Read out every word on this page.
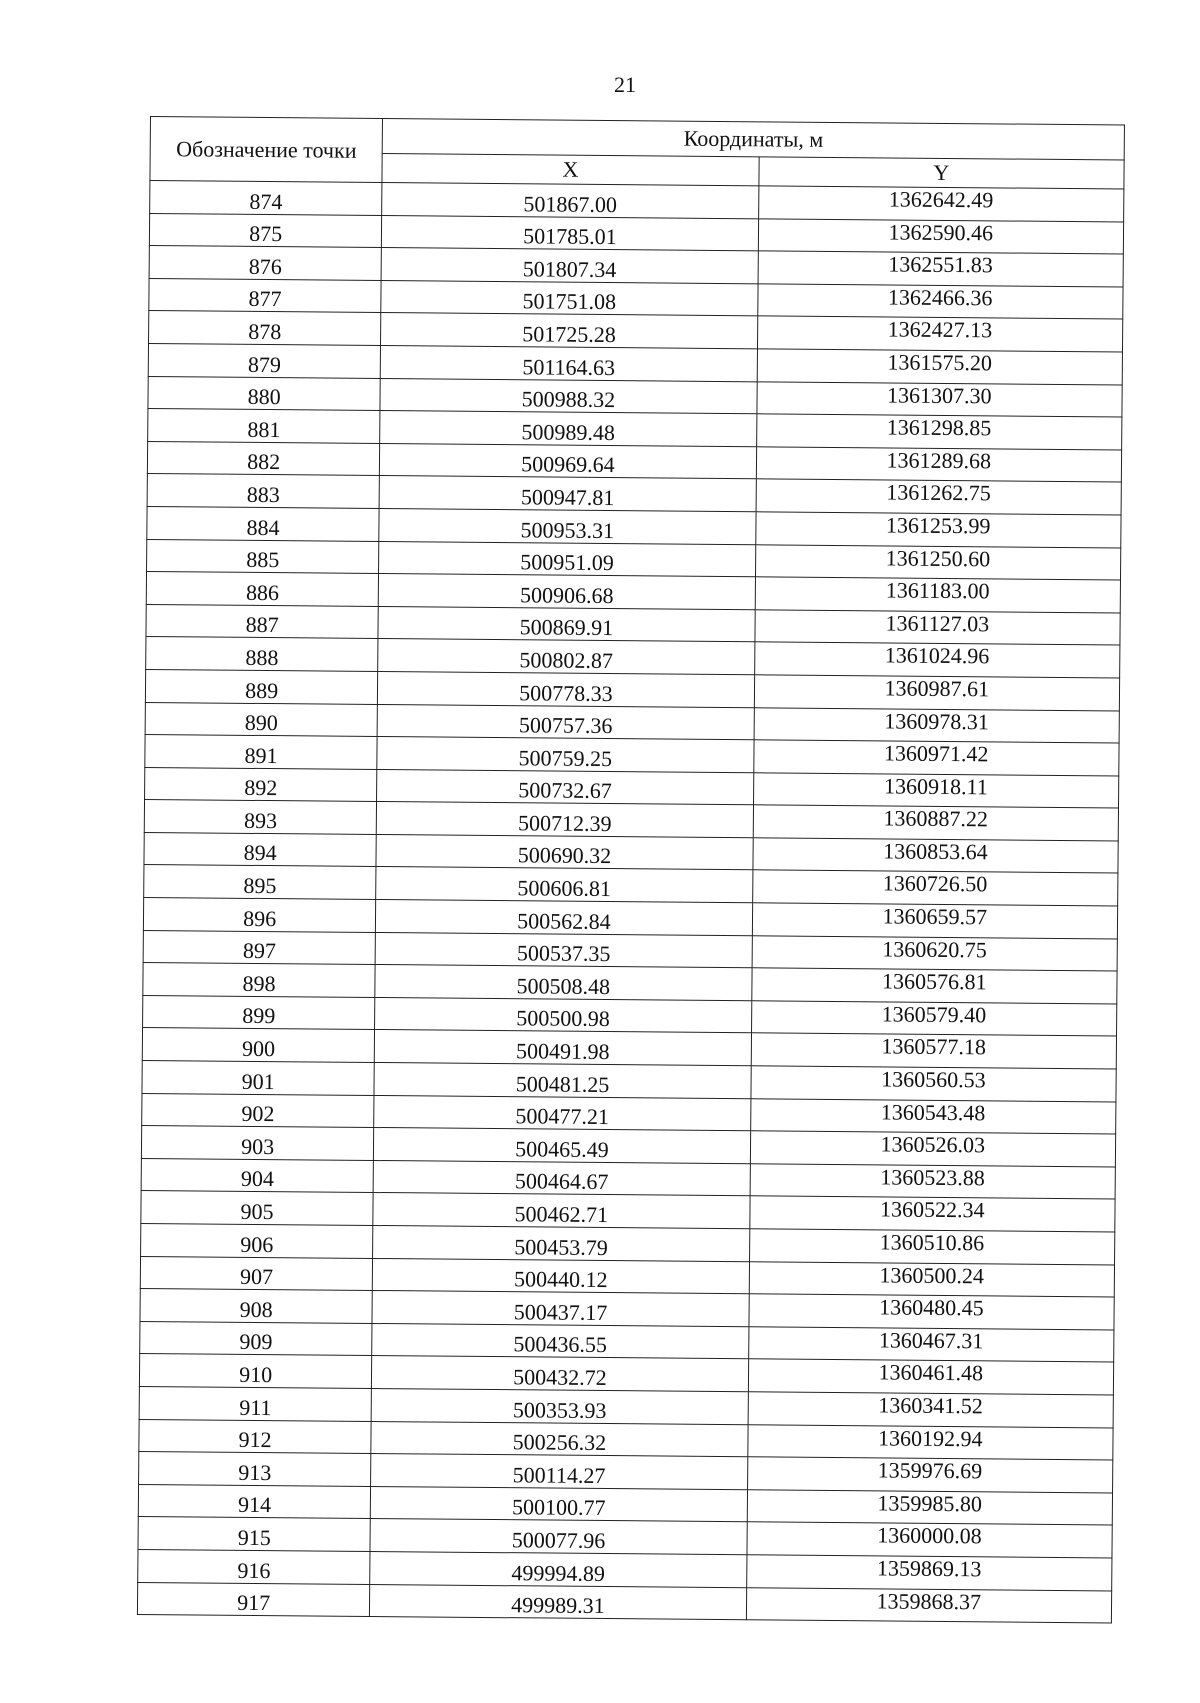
21
Обозначение точки	Координаты, м	
	X	Y
874	501867.00	1362642.49
875	501785.01	1362590.46
876	501807.34	1362551.83
877	501751.08	1362466.36
878	501725.28	1362427.13
879	501164.63	1361575.20
880	500988.32	1361307.30
881	500989.48	1361298.85
882	500969.64	1361289.68
883	500947.81	1361262.75
884	500953.31	1361253.99
885	500951.09	1361250.60
886	500906.68	1361183.00
887	500869.91	1361127.03
888	500802.87	1361024.96
889	500778.33	1360987.61
890	500757.36	1360978.31
891	500759.25	1360971.42
892	500732.67	1360918.11
893	500712.39	1360887.22
894	500690.32	1360853.64
895	500606.81	1360726.50
896	500562.84	1360659.57
897	500537.35	1360620.75
898	500508.48	1360576.81
899	500500.98	1360579.40
900	500491.98	1360577.18
901	500481.25	1360560.53
902	500477.21	1360543.48
903	500465.49	1360526.03
904	500464.67	1360523.88
905	500462.71	1360522.34
906	500453.79	1360510.86
907	500440.12	1360500.24
908	500437.17	1360480.45
909	500436.55	1360467.31
910	500432.72	1360461.48
911	500353.93	1360341.52
912	500256.32	1360192.94
913	500114.27	1359976.69
914	500100.77	1359985.80
915	500077.96	1360000.08
916	499994.89	1359869.13
917	499989.31	1359868.37
